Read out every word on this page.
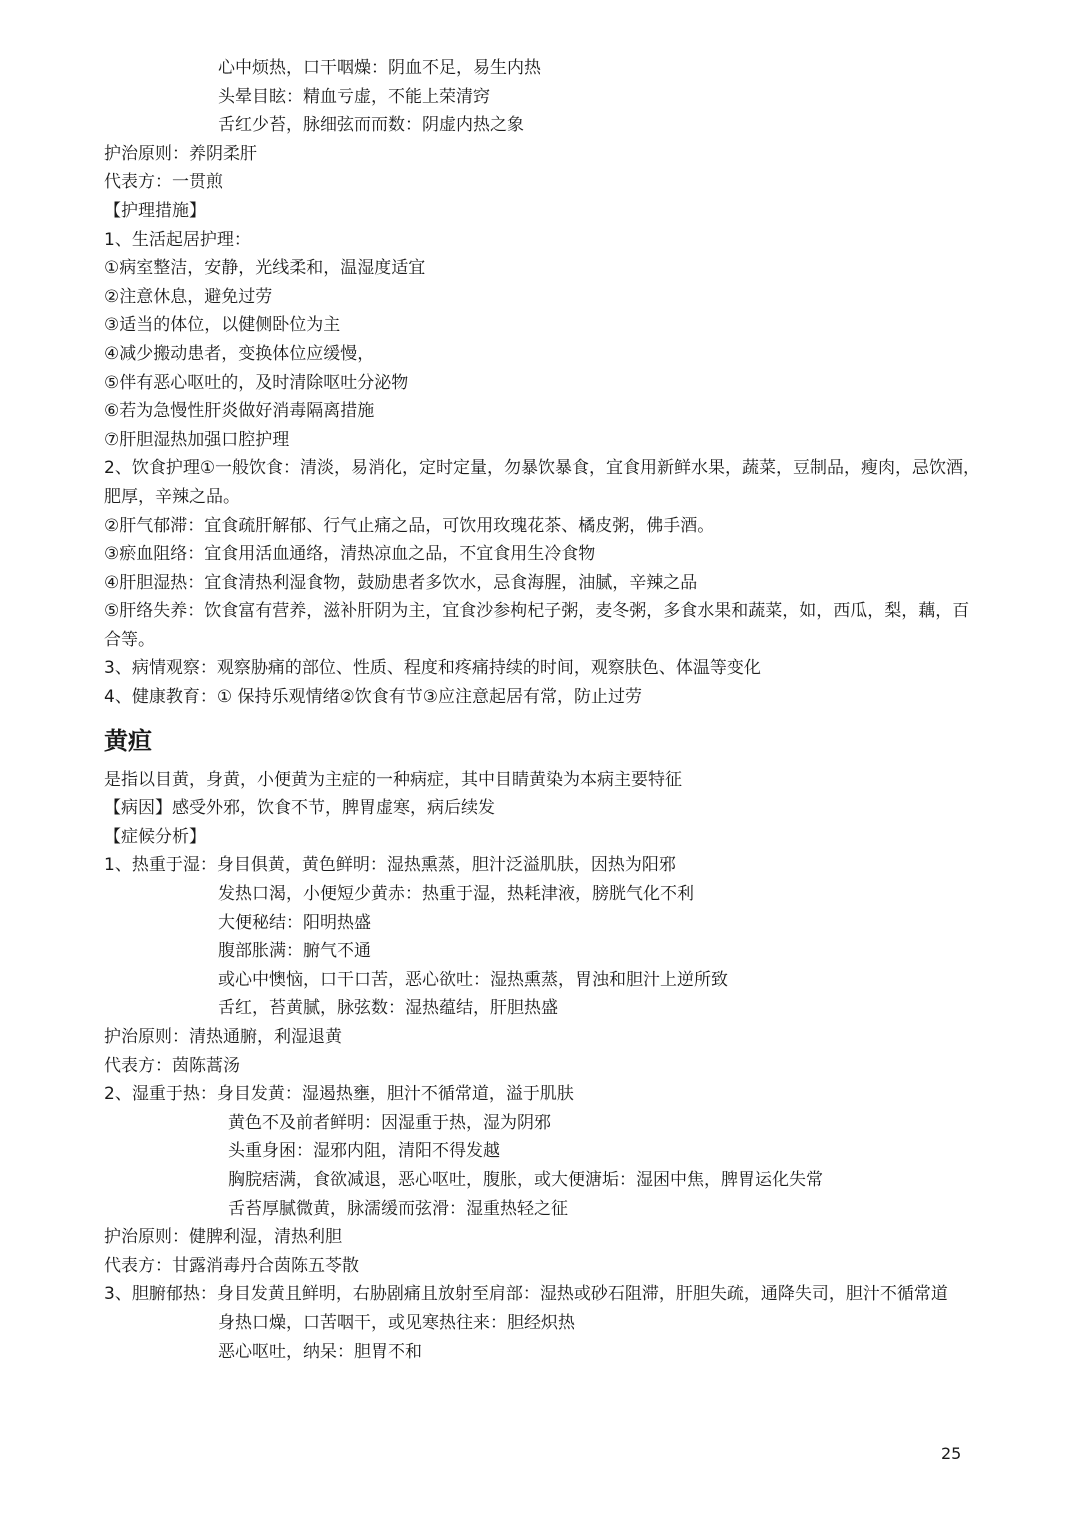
心中烦热，口干咽燥：阴血不足，易生内热
头晕目眩：精血亏虚，不能上荣清窍
舌红少苔，脉细弦而而数：阴虚内热之象
护治原则：养阴柔肝
代表方：一贯煎
【护理措施】
1、生活起居护理：
①病室整洁，安静，光线柔和，温湿度适宜
②注意休息，避免过劳
③适当的体位，以健侧卧位为主
④减少搬动患者，变换体位应缓慢，
⑤伴有恶心呕吐的，及时清除呕吐分泌物
⑥若为急慢性肝炎做好消毒隔离措施
⑦肝胆湿热加强口腔护理
2、饮食护理①一般饮食：清淡，易消化，定时定量，勿暴饮暴食，宜食用新鲜水果，蔬菜，豆制品，瘦肉，忌饮酒，肥厚，辛辣之品。
②肝气郁滞：宜食疏肝解郁、行气止痛之品，可饮用玫瑰花茶、橘皮粥，佛手酒。
③瘀血阻络：宜食用活血通络，清热凉血之品，不宜食用生冷食物
④肝胆湿热：宜食清热利湿食物，鼓励患者多饮水，忌食海腥，油腻，辛辣之品
⑤肝络失养：饮食富有营养，滋补肝阴为主，宜食沙参枸杞子粥，麦冬粥，多食水果和蔬菜，如，西瓜，梨，藕，百合等。
3、病情观察：观察胁痛的部位、性质、程度和疼痛持续的时间，观察肤色、体温等变化
4、健康教育：① 保持乐观情绪②饮食有节③应注意起居有常，防止过劳
黄疸
是指以目黄，身黄，小便黄为主症的一种病症，其中目睛黄染为本病主要特征
【病因】感受外邪，饮食不节，脾胃虚寒，病后续发
【症候分析】
1、热重于湿：身目俱黄，黄色鲜明：湿热熏蒸，胆汁泛溢肌肤，因热为阳邪
发热口渴，小便短少黄赤：热重于湿，热耗津液，膀胱气化不利
大便秘结：阳明热盛
腹部胀满：腑气不通
或心中懊恼，口干口苦，恶心欲吐：湿热熏蒸，胃浊和胆汁上逆所致
舌红，苔黄腻，脉弦数：湿热蕴结，肝胆热盛
护治原则：清热通腑，利湿退黄
代表方：茵陈蒿汤
2、湿重于热：身目发黄：湿遏热壅，胆汁不循常道，溢于肌肤
黄色不及前者鲜明：因湿重于热，湿为阴邪
头重身困：湿邪内阻，清阳不得发越
胸脘痞满，食欲减退，恶心呕吐，腹胀，或大便溏垢：湿困中焦，脾胃运化失常
舌苔厚腻微黄，脉濡缓而弦滑：湿重热轻之征
护治原则：健脾利湿，清热利胆
代表方：甘露消毒丹合茵陈五苓散
3、胆腑郁热：身目发黄且鲜明，右胁剧痛且放射至肩部：湿热或砂石阻滞，肝胆失疏，通降失司，胆汁不循常道
身热口燥，口苦咽干，或见寒热往来：胆经炽热
恶心呕吐，纳呆：胆胃不和
25
